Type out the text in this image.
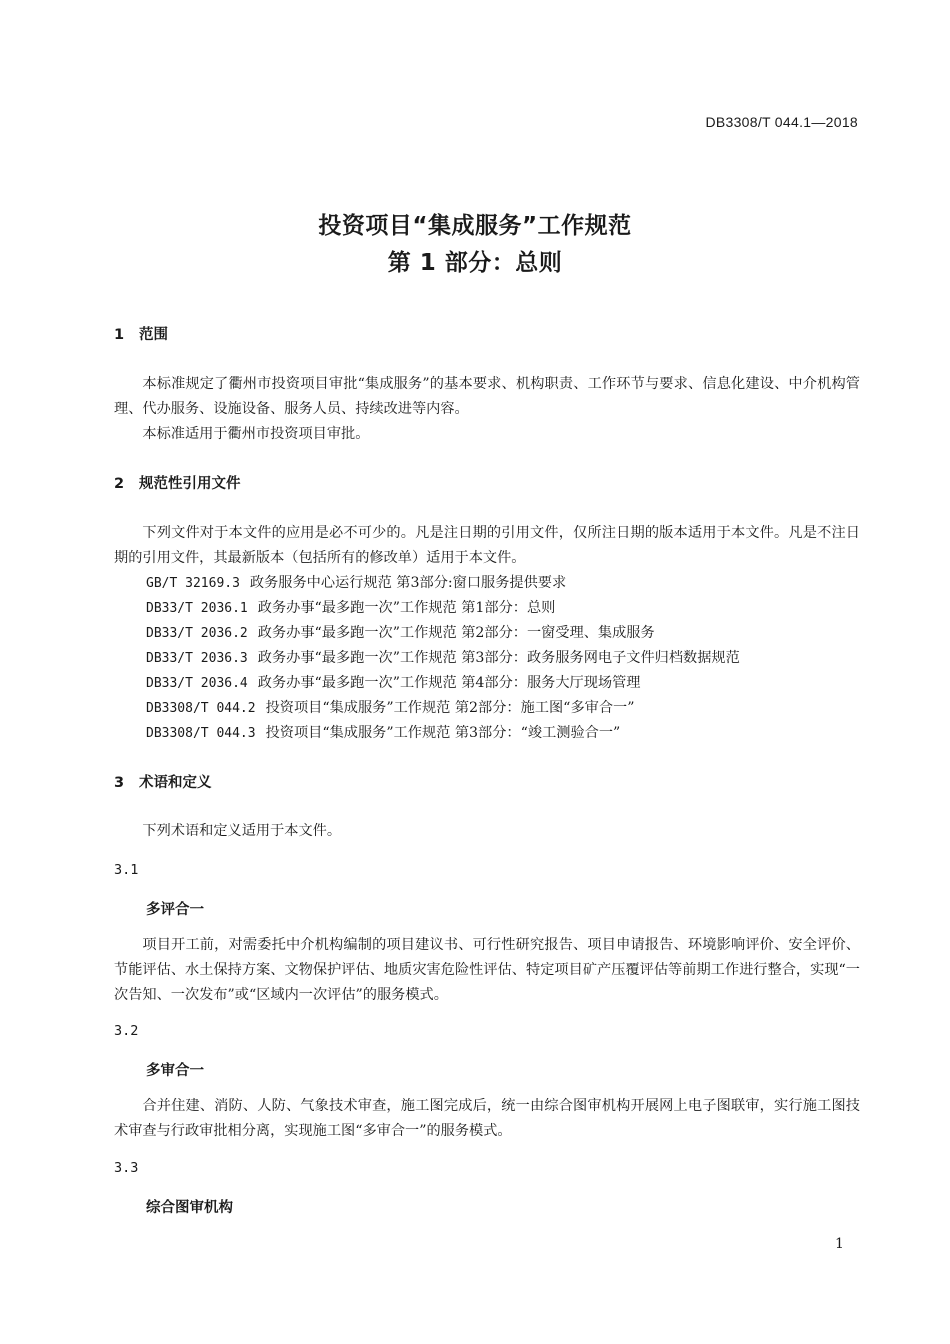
DB3308/T 044.1—2018
投资项目“集成服务”工作规范
第 1 部分：总则
1 范围

本标准规定了衢州市投资项目审批“集成服务”的基本要求、机构职责、工作环节与要求、信息化建设、中介机构管理、代办服务、设施设备、服务人员、持续改进等内容。

本标准适用于衢州市投资项目审批。

2 规范性引用文件

下列文件对于本文件的应用是必不可少的。凡是注日期的引用文件，仅所注日期的版本适用于本文件。凡是不注日期的引用文件，其最新版本（包括所有的修改单）适用于本文件。

GB/T 32169.3 政务服务中心运行规范 第3部分:窗口服务提供要求
DB33/T 2036.1 政务办事“最多跑一次”工作规范 第1部分：总则
DB33/T 2036.2 政务办事“最多跑一次”工作规范 第2部分：一窗受理、集成服务
DB33/T 2036.3 政务办事“最多跑一次”工作规范 第3部分：政务服务网电子文件归档数据规范
DB33/T 2036.4 政务办事“最多跑一次”工作规范 第4部分：服务大厅现场管理
DB3308/T 044.2 投资项目“集成服务”工作规范 第2部分：施工图“多审合一”
DB3308/T 044.3 投资项目“集成服务”工作规范 第3部分：“竣工测验合一”
3 术语和定义

下列术语和定义适用于本文件。

3.1
多评合一

项目开工前，对需委托中介机构编制的项目建议书、可行性研究报告、项目申请报告、环境影响评价、安全评价、节能评估、水土保持方案、文物保护评估、地质灾害危险性评估、特定项目矿产压覆评估等前期工作进行整合，实现“一次告知、一次发布”或“区域内一次评估”的服务模式。

3.2
多审合一

合并住建、消防、人防、气象技术审查，施工图完成后，统一由综合图审机构开展网上电子图联审，实行施工图技术审查与行政审批相分离，实现施工图“多审合一”的服务模式。

3.3
综合图审机构
1
